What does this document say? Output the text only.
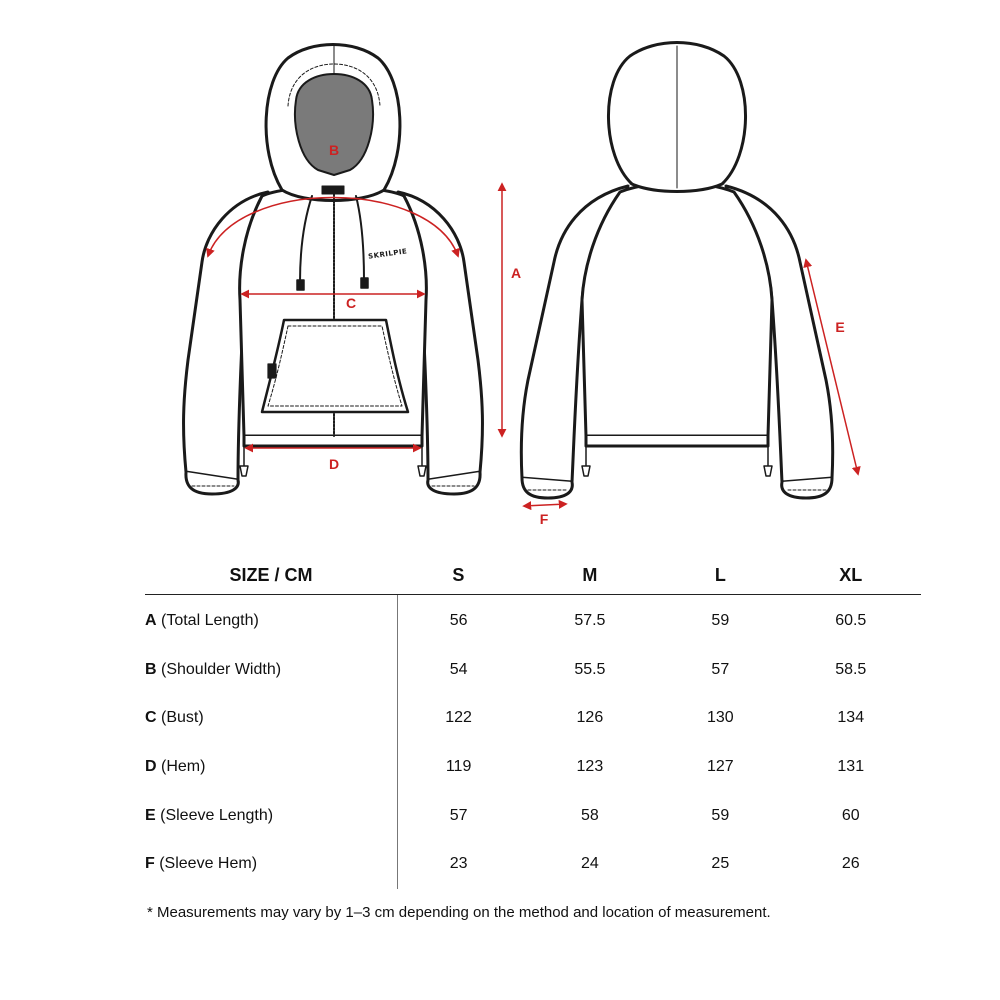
SKRILPIE
B
C
D
A
E
F
SIZE / CM	S	M	L	XL
A (Total Length)	56	57.5	59	60.5
B (Shoulder Width)	54	55.5	57	58.5
C (Bust)	122	126	130	134
D (Hem)	119	123	127	131
E (Sleeve Length)	57	58	59	60
F (Sleeve Hem)	23	24	25	26
* Measurements may vary by 1–3 cm depending on the method and location of measurement.
